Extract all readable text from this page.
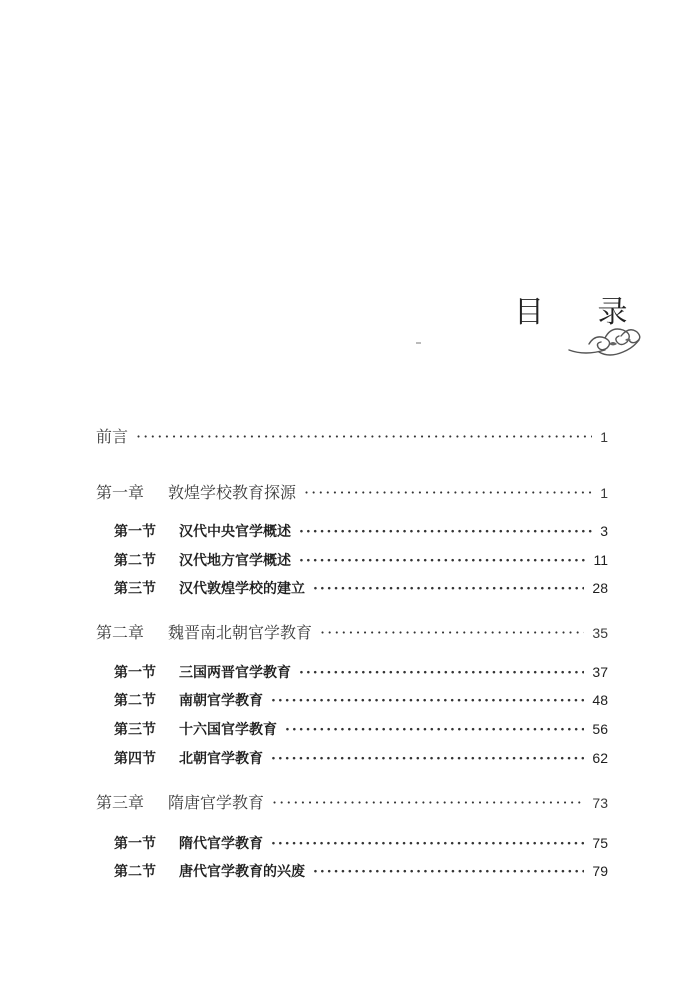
目 录
前言 ·····	1
第一章 敦煌学校教育探源 ·····	1
第一节 汉代中央官学概述 ·····	3
第二节 汉代地方官学概述 ·····	11
第三节 汉代敦煌学校的建立 ·····	28
第二章 魏晋南北朝官学教育 ·····	35
第一节 三国两晋官学教育 ·····	37
第二节 南朝官学教育 ·····	48
第三节 十六国官学教育 ·····	56
第四节 北朝官学教育 ·····	62
第三章 隋唐官学教育 ·····	73
第一节 隋代官学教育 ·····	75
第二节 唐代官学教育的兴废 ·····	79
